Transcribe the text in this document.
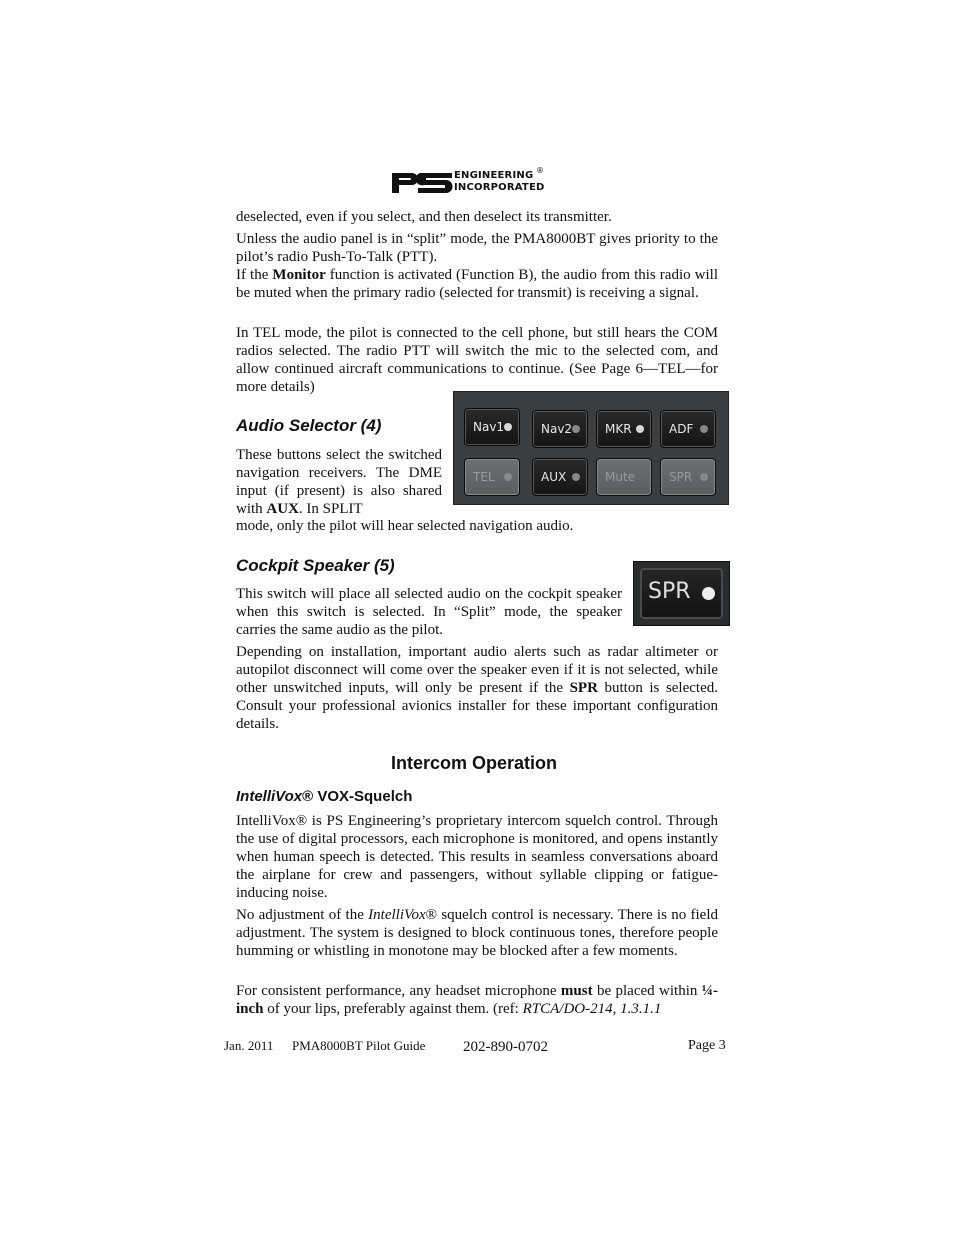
ENGINEERING
INCORPORATED
®

deselected, even if you select, and then deselect its transmitter.

Unless the audio panel is in “split” mode, the PMA8000BT gives priority to the pilot’s radio Push-To-Talk (PTT).

If the Monitor function is activated (Function B), the audio from this radio will be muted when the primary radio (selected for transmit) is receiving a signal.

In TEL mode, the pilot is connected to the cell phone, but still hears the COM radios selected. The radio PTT will switch the mic to the selected com, and allow continued aircraft communications to continue. (See Page 6—TEL—for more details)

Audio Selector (4)

These buttons select the switched navigation receivers. The DME input (if present) is also shared with AUX. In SPLIT

mode, only the pilot will hear selected navigation audio.

Nav1	Nav2	MKR	ADF
TEL	AUX	Mute	SPR
Cockpit Speaker (5)

This switch will place all selected audio on the cockpit speaker when this switch is selected. In “Split” mode, the speaker carries the same audio as the pilot.

SPR

Depending on installation, important audio alerts such as radar altimeter or autopilot disconnect will come over the speaker even if it is not selected, while other unswitched inputs, will only be present if the SPR button is selected. Consult your professional avionics installer for these important configuration details.

Intercom Operation
IntelliVox® VOX-Squelch

IntelliVox® is PS Engineering’s proprietary intercom squelch control. Through the use of digital processors, each microphone is monitored, and opens instantly when human speech is detected. This results in seamless conversations aboard the airplane for crew and passengers, without syllable clipping or fatigue-inducing noise.

No adjustment of the IntelliVox® squelch control is necessary. There is no field adjustment. The system is designed to block continuous tones, therefore people humming or whistling in monotone may be blocked after a few moments.

For consistent performance, any headset microphone must be placed within ¼-inch of your lips, preferably against them. (ref: RTCA/DO-214, 1.3.1.1

Jan. 2011 PMA8000BT Pilot Guide	202-890-0702	Page 3
